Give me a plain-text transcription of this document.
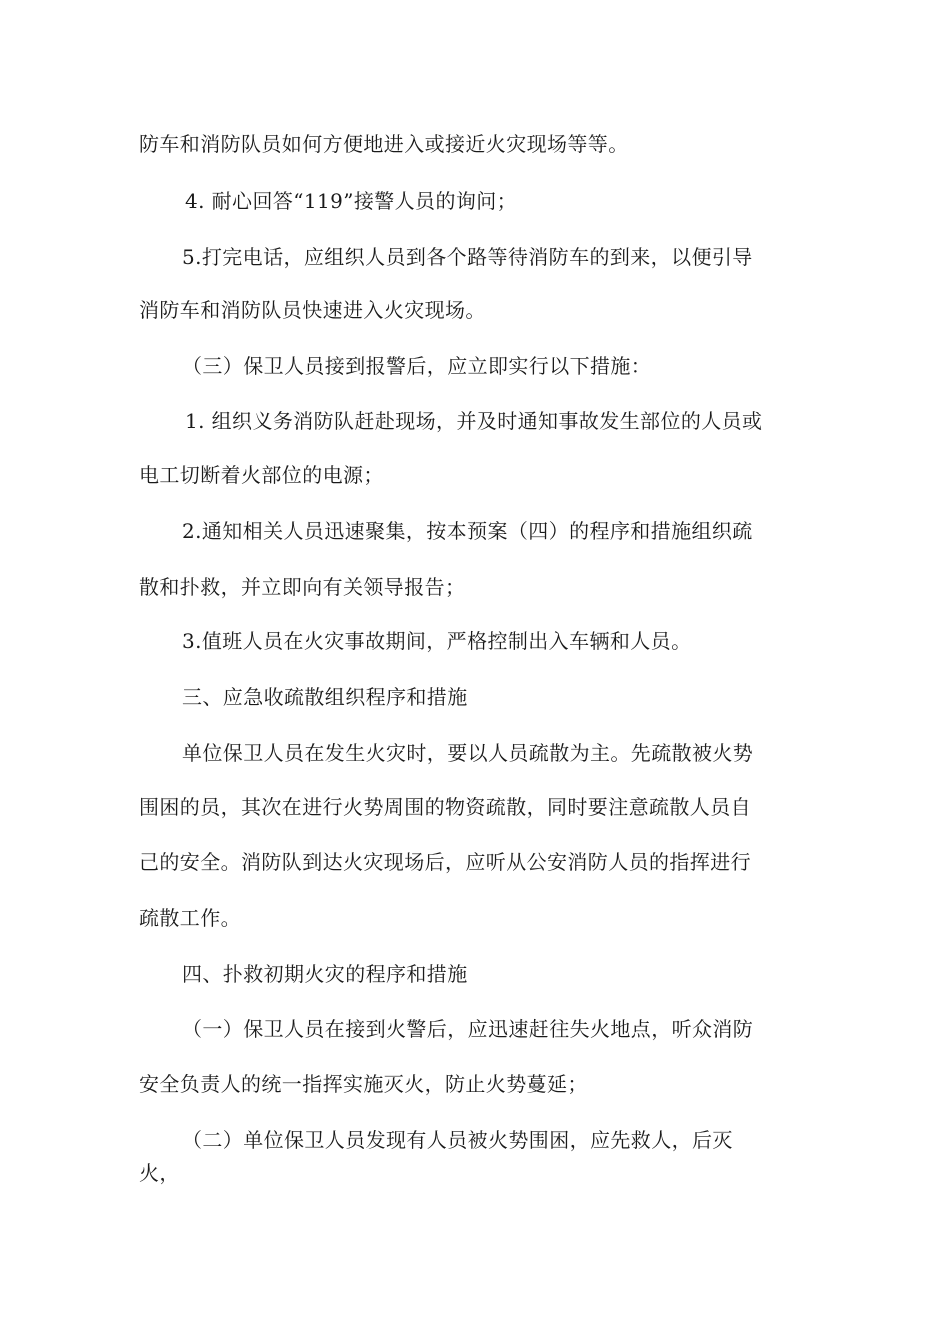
防车和消防队员如何方便地进入或接近火灾现场等等。
4. 耐心回答“119”接警人员的询问；
5.打完电话，应组织人员到各个路等待消防车的到来，以便引导
消防车和消防队员快速进入火灾现场。
（三）保卫人员接到报警后，应立即实行以下措施：
1. 组织义务消防队赶赴现场，并及时通知事故发生部位的人员或
电工切断着火部位的电源；
2.通知相关人员迅速聚集，按本预案（四）的程序和措施组织疏
散和扑救，并立即向有关领导报告；
3.值班人员在火灾事故期间，严格控制出入车辆和人员。
三、应急收疏散组织程序和措施
单位保卫人员在发生火灾时，要以人员疏散为主。先疏散被火势
围困的员，其次在进行火势周围的物资疏散，同时要注意疏散人员自
己的安全。消防队到达火灾现场后，应听从公安消防人员的指挥进行
疏散工作。
四、扑救初期火灾的程序和措施
（一）保卫人员在接到火警后，应迅速赶往失火地点，听众消防
安全负责人的统一指挥实施灭火，防止火势蔓延；
（二）单位保卫人员发现有人员被火势围困，应先救人，后灭
火，
